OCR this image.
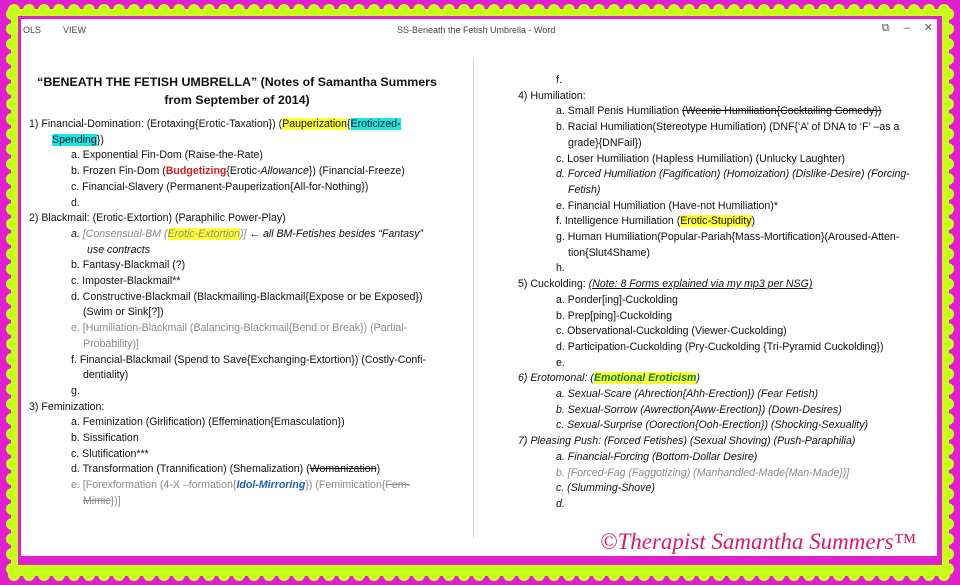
OLS VIEW	SS-Beneath the Fetish Umbrella - Word	⧉ – ✕
“BENEATH THE FETISH UMBRELLA” (Notes of Samantha Summers from September of 2014)
1) Financial-Domination: (Erotaxing{Erotic-Taxation}) (Pauperization{Eroticized-
Spending})
a. Exponential Fin-Dom (Raise-the-Rate)
b. Frozen Fin-Dom (Budgetizing{Erotic-Allowance}) (Financial-Freeze)
c. Financial-Slavery (Permanent-Pauperization{All-for-Nothing})
d.
2) Blackmail: (Erotic-Extortion) (Paraphilic Power-Play)
a. [Consensual-BM (Erotic-Extortion)] ← all BM-Fetishes besides “Fantasy”
use contracts
b. Fantasy-Blackmail (?)
c. Imposter-Blackmail**
d. Constructive-Blackmail (Blackmailing-Blackmail{Expose or be Exposed})
(Swim or Sink[?])
e. [Humiliation-Blackmail (Balancing-Blackmail{Bend or Break}) (Partial-
Probability)]
f. Financial-Blackmail (Spend to Save{Exchanging-Extortion}) (Costly-Confi-
dentiality)
g.
3) Feminization:
a. Feminization (Girlification) (Effemination{Emasculation})
b. Sissification
c. Slutification***
d. Transformation (Trannification) (Shemalization) (Womanization)
e. [Forexformation (4-X –formation{Idol-Mirroring}) (Femimication{Fem-
Mimic})]
f.
4) Humiliation:
a. Small Penis Humiliation (Weenie Humiliation{Cocktailing Comedy})
b. Racial Humiliation(Stereotype Humiliation) (DNF{‘A’ of DNA to ‘F’ –as a
grade}{DNFail})
c. Loser Humiliation (Hapless Humiliation) (Unlucky Laughter)
d. Forced Humiliation (Fagification) (Homoization) (Dislike-Desire) (Forcing-
Fetish)
e. Financial Humiliation (Have-not Humiliation)*
f. Intelligence Humiliation (Erotic-Stupidity)
g. Human Humiliation(Popular-Pariah{Mass-Mortification}(Aroused-Atten-
tion{Slut4Shame)
h.
5) Cuckolding: (Note: 8 Forms explained via my mp3 per NSG)
a. Ponder[ing]-Cuckolding
b. Prep[ping]-Cuckolding
c. Observational-Cuckolding (Viewer-Cuckolding)
d. Participation-Cuckolding (Pry-Cuckolding {Tri-Pyramid Cuckolding})
e.
6) Erotomonal: (Emotional Eroticism)
a. Sexual-Scare (Ahrection{Ahh-Erection}) (Fear Fetish)
b. Sexual-Sorrow (Awrection{Aww-Erection}) (Down-Desires)
c. Sexual-Surprise (Oorection{Ooh-Erection}) (Shocking-Sexuality)
7) Pleasing Push: (Forced Fetishes) (Sexual Shoving) (Push-Paraphilia)
a. Financial-Forcing (Bottom-Dollar Desire)
b. [Forced-Fag (Faggotizing) (Manhandled-Made{Man-Made})]
c. (Slumming-Shove)
d.
©Therapist Samantha Summers™
